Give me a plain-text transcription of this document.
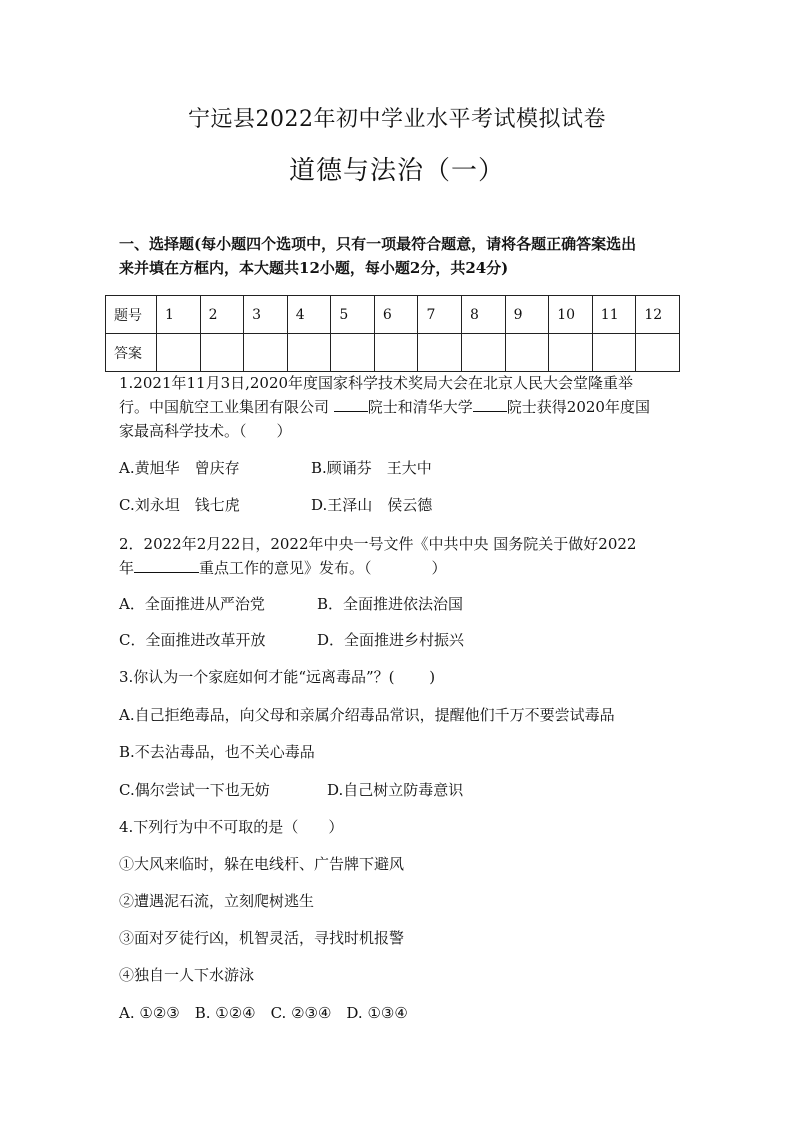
宁远县2022年初中学业水平考试模拟试卷
道德与法治（一）
一、选择题(每小题四个选项中，只有一项最符合题意，请将各题正确答案选出
来并填在方框内，本大题共12小题，每小题2分，共24分)
题号	1	2	3	4	5	6	7	8	9	10	11	12
答案												
1.2021年11月3日,2020年度国家科学技术奖局大会在北京人民大会堂隆重举
行。中国航空工业集团有限公司 院士和清华大学 院士获得2020年度国
家最高科学技术。（　　）
A.黄旭华　曾庆存	B.顾诵芬　王大中
C.刘永坦　钱七虎	D.王泽山　侯云德
2．2022年2月22日，2022年中央一号文件《中共中央 国务院关于做好2022
年	重点工作的意见》发布。（　　　　）
A．全面推进从严治党	B．全面推进依法治国
C．全面推进改革开放	D．全面推进乡村振兴
3.你认为一个家庭如何才能“远离毒品”？(　　 )
A.自己拒绝毒品，向父母和亲属介绍毒品常识，提醒他们千万不要尝试毒品
B.不去沾毒品，也不关心毒品
C.偶尔尝试一下也无妨	D.自己树立防毒意识
4.下列行为中不可取的是（　　）
①大风来临时，躲在电线杆、广告牌下避风
②遭遇泥石流，立刻爬树逃生
③面对歹徒行凶，机智灵活，寻找时机报警
④独自一人下水游泳
A. ①②③　B. ①②④　C. ②③④　D. ①③④
